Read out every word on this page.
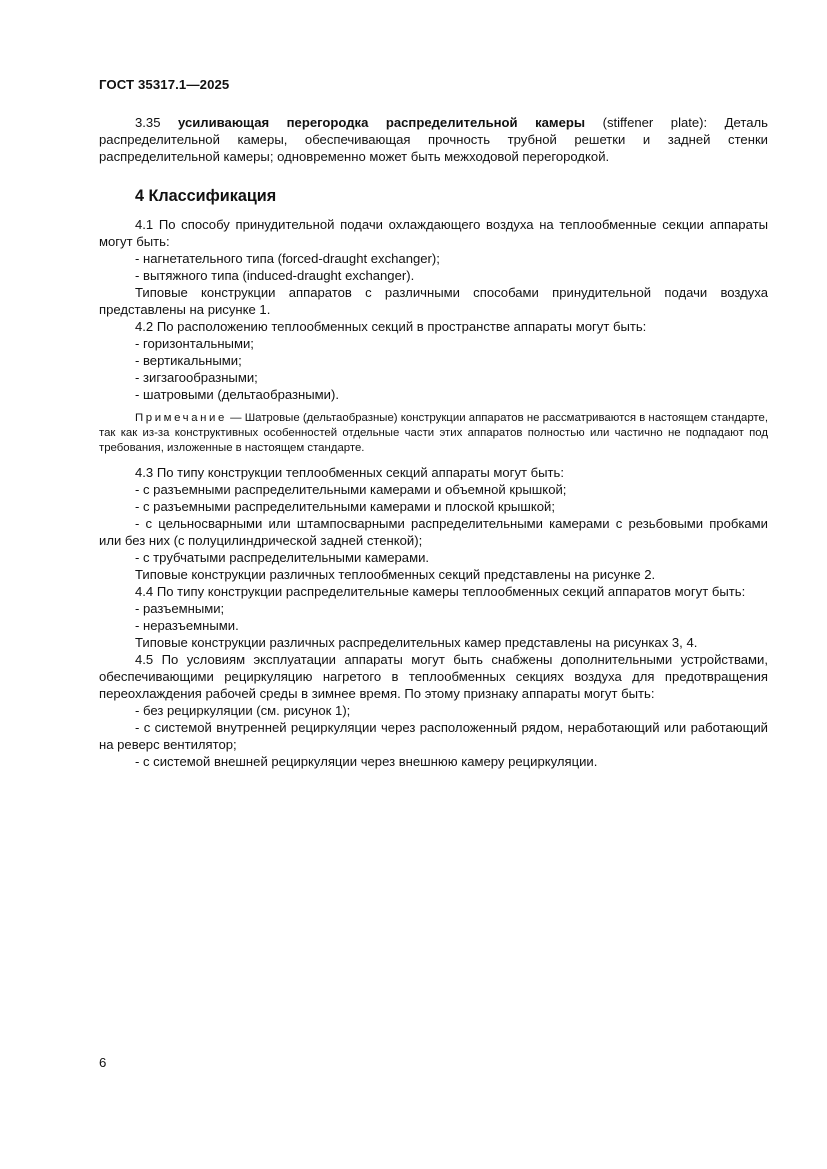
ГОСТ 35317.1—2025

3.35 усиливающая перегородка распределительной камеры (stiffener plate): Деталь распределительной камеры, обеспечивающая прочность трубной решетки и задней стенки распределительной камеры; одновременно может быть межходовой перегородкой.

4 Классификация

4.1 По способу принудительной подачи охлаждающего воздуха на теплообменные секции аппараты могут быть:

- нагнетательного типа (forced-draught exchanger);

- вытяжного типа (induced-draught exchanger).

Типовые конструкции аппаратов с различными способами принудительной подачи воздуха представлены на рисунке 1.

4.2 По расположению теплообменных секций в пространстве аппараты могут быть:

- горизонтальными;

- вертикальными;

- зигзагообразными;

- шатровыми (дельтаобразными).

Примечание — Шатровые (дельтаобразные) конструкции аппаратов не рассматриваются в настоящем стандарте, так как из-за конструктивных особенностей отдельные части этих аппаратов полностью или частично не подпадают под требования, изложенные в настоящем стандарте.

4.3 По типу конструкции теплообменных секций аппараты могут быть:

- с разъемными распределительными камерами и объемной крышкой;

- с разъемными распределительными камерами и плоской крышкой;

- с цельносварными или штампосварными распределительными камерами с резьбовыми пробками или без них (с полуцилиндрической задней стенкой);

- с трубчатыми распределительными камерами.

Типовые конструкции различных теплообменных секций представлены на рисунке 2.

4.4 По типу конструкции распределительные камеры теплообменных секций аппаратов могут быть:

- разъемными;

- неразъемными.

Типовые конструкции различных распределительных камер представлены на рисунках 3, 4.

4.5 По условиям эксплуатации аппараты могут быть снабжены дополнительными устройствами, обеспечивающими рециркуляцию нагретого в теплообменных секциях воздуха для предотвращения переохлаждения рабочей среды в зимнее время. По этому признаку аппараты могут быть:

- без рециркуляции (см. рисунок 1);

- с системой внутренней рециркуляции через расположенный рядом, неработающий или работающий на реверс вентилятор;

- с системой внешней рециркуляции через внешнюю камеру рециркуляции.

6
